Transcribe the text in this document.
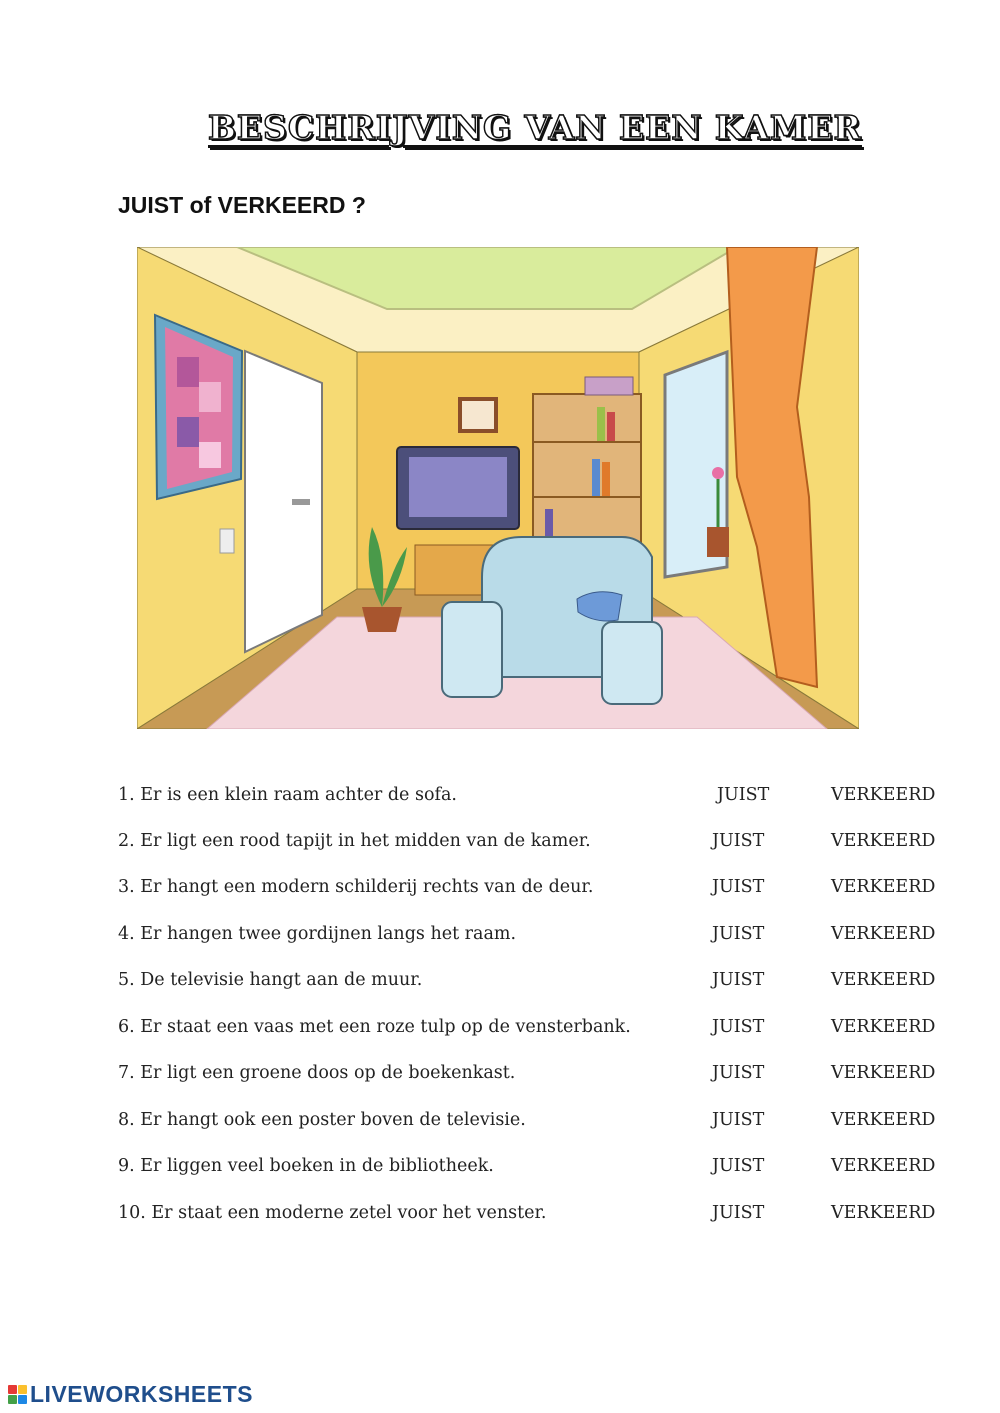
BESCHRIJVING VAN EEN KAMER
JUIST of VERKEERD ?
1. Er is een klein raam achter de sofa.	JUIST	VERKEERD
2. Er ligt een rood tapijt in het midden van de kamer.	JUIST	VERKEERD
3. Er hangt een modern schilderij rechts van de deur.	JUIST	VERKEERD
4. Er hangen twee gordijnen langs het raam.	JUIST	VERKEERD
5. De televisie hangt aan de muur.	JUIST	VERKEERD
6. Er staat een vaas met een roze tulp op de vensterbank.	JUIST	VERKEERD
7. Er ligt een groene doos op de boekenkast.	JUIST	VERKEERD
8. Er hangt ook een poster boven de televisie.	JUIST	VERKEERD
9. Er liggen veel boeken in de bibliotheek.	JUIST	VERKEERD
10. Er staat een moderne zetel voor het venster.	JUIST	VERKEERD
LIVEWORKSHEETS
